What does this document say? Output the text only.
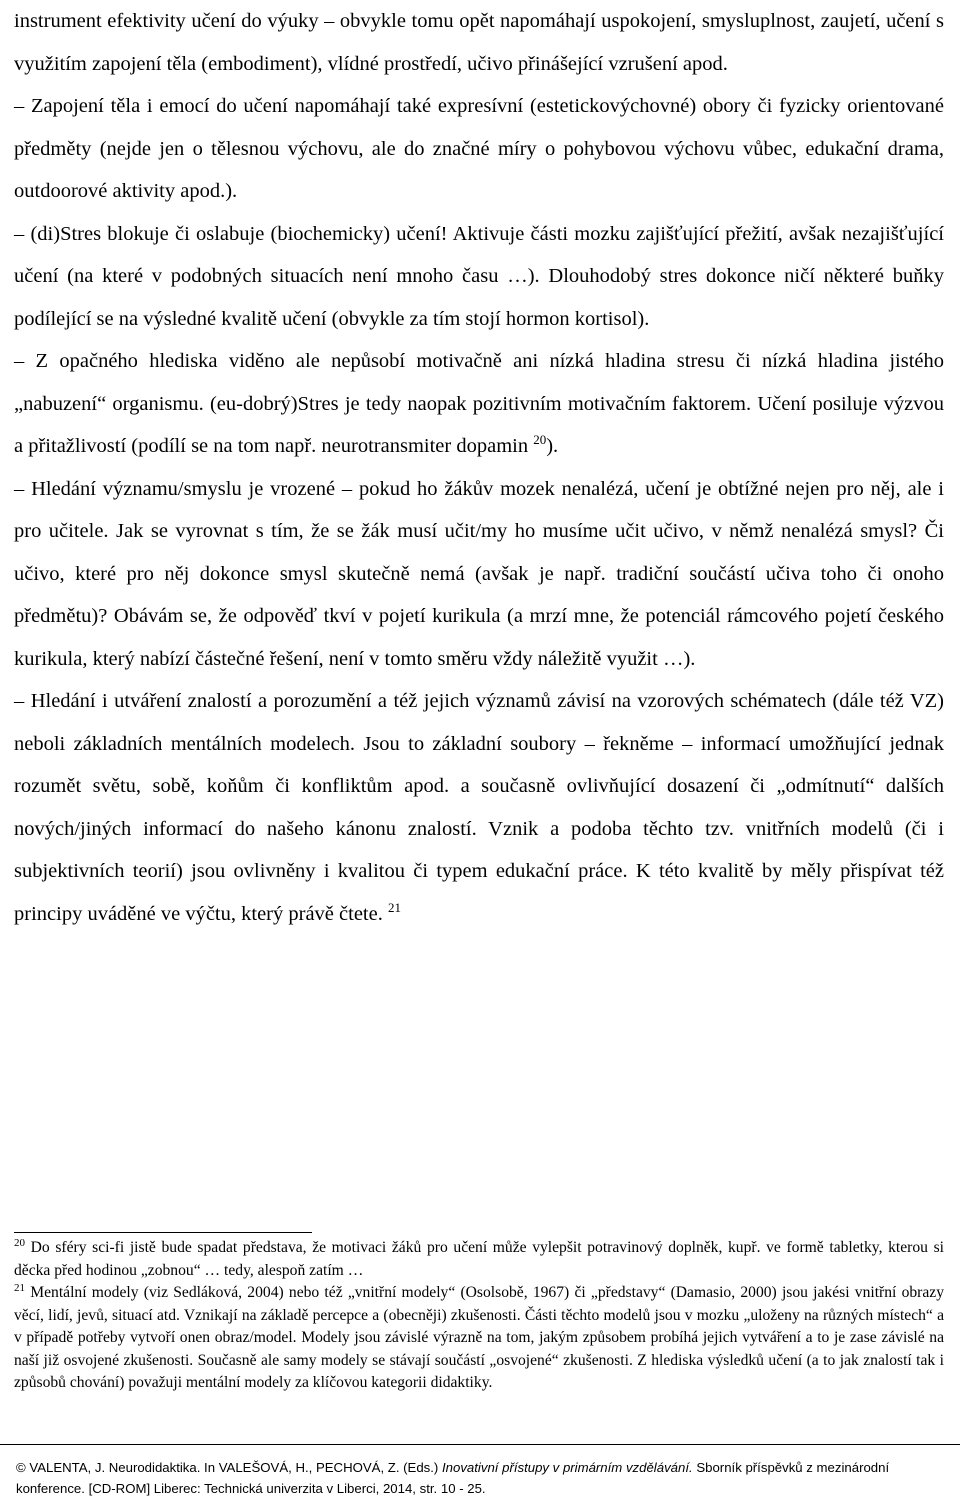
instrument efektivity učení do výuky – obvykle tomu opět napomáhají uspokojení, smysluplnost, zaujetí, učení s využitím zapojení těla (embodiment), vlídné prostředí, učivo přinášející vzrušení apod.

– Zapojení těla i emocí do učení napomáhají také expresívní (estetickovýchovné) obory či fyzicky orientované předměty (nejde jen o tělesnou výchovu, ale do značné míry o pohybovou výchovu vůbec, edukační drama, outdoorové aktivity apod.).

– (di)Stres blokuje či oslabuje (biochemicky) učení! Aktivuje části mozku zajišťující přežití, avšak nezajišťující učení (na které v podobných situacích není mnoho času …). Dlouhodobý stres dokonce ničí některé buňky podílející se na výsledné kvalitě učení (obvykle za tím stojí hormon kortisol).

– Z opačného hlediska viděno ale nepůsobí motivačně ani nízká hladina stresu či nízká hladina jistého „nabuzení“ organismu. (eu-dobrý)Stres je tedy naopak pozitivním motivačním faktorem. Učení posiluje výzvou a přitažlivostí (podílí se na tom např. neurotransmiter dopamin $^{20}$).

– Hledání významu/smyslu je vrozené – pokud ho žákův mozek nenalézá, učení je obtížné nejen pro něj, ale i pro učitele. Jak se vyrovnat s tím, že se žák musí učit/my ho musíme učit učivo, v němž nenalézá smysl? Či učivo, které pro něj dokonce smysl skutečně nemá (avšak je např. tradiční součástí učiva toho či onoho předmětu)? Obávám se, že odpověď tkví v pojetí kurikula (a mrzí mne, že potenciál rámcového pojetí českého kurikula, který nabízí částečné řešení, není v tomto směru vždy náležitě využit …).

– Hledání i utváření znalostí a porozumění a též jejich významů závisí na vzorových schématech (dále též VZ) neboli základních mentálních modelech. Jsou to základní soubory – řekněme – informací umožňující jednak rozumět světu, sobě, koňům či konfliktům apod. a současně ovlivňující dosazení či „odmítnutí“ dalších nových/jiných informací do našeho kánonu znalostí. Vznik a podoba těchto tzv. vnitřních modelů (či i subjektivních teorií) jsou ovlivněny i kvalitou či typem edukační práce. K této kvalitě by měly přispívat též principy uváděné ve výčtu, který právě čtete. $^{21}$

$^{20}$ Do sféry sci-fi jistě bude spadat představa, že motivaci žáků pro učení může vylepšit potravinový doplněk, kupř. ve formě tabletky, kterou si děcka před hodinou „zobnou“ … tedy, alespoň zatím …

$^{21}$ Mentální modely (viz Sedláková, 2004) nebo též „vnitřní modely“ (Osolsobě, 1967) či „představy“ (Damasio, 2000) jsou jakési vnitřní obrazy věcí, lidí, jevů, situací atd. Vznikají na základě percepce a (obecněji) zkušenosti. Části těchto modelů jsou v mozku „uloženy na různých místech“ a v případě potřeby vytvoří onen obraz/model. Modely jsou závislé výrazně na tom, jakým způsobem probíhá jejich vytváření a to je zase závislé na naší již osvojené zkušenosti. Současně ale samy modely se stávají součástí „osvojené“ zkušenosti. Z hlediska výsledků učení (a to jak znalostí tak i způsobů chování) považuji mentální modely za klíčovou kategorii didaktiky.

© VALENTA, J. Neurodidaktika. In VALEŠOVÁ, H., PECHOVÁ, Z. (Eds.) Inovativní přístupy v primárním vzdělávání. Sborník příspěvků z mezinárodní konference. [CD-ROM] Liberec: Technická univerzita v Liberci, 2014, str. 10 - 25.
